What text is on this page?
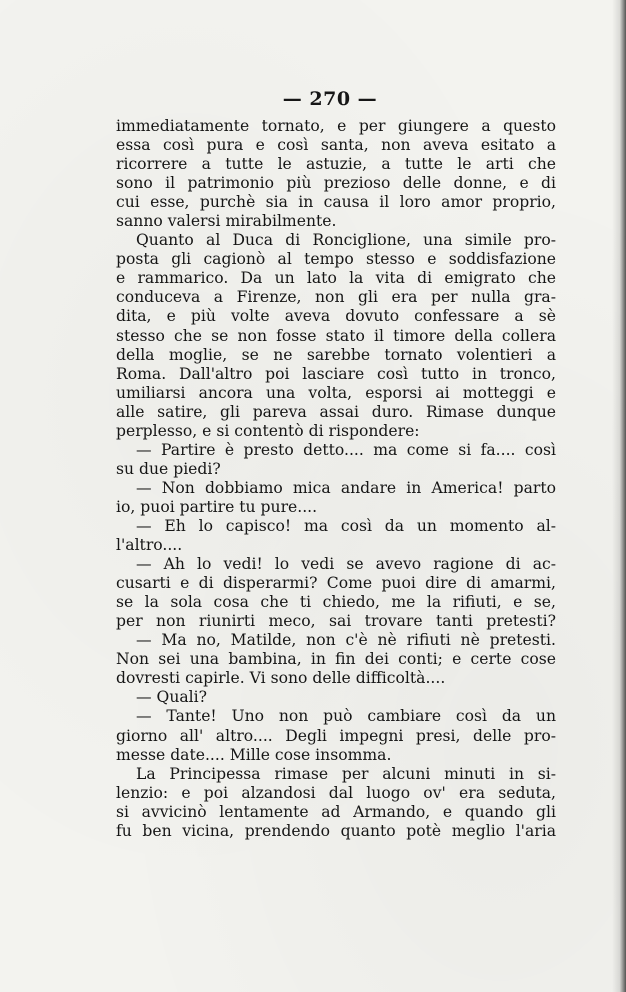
— 270 —
immediatamente tornato, e per giungere a questo
essa così pura e così santa, non aveva esitato a
ricorrere a tutte le astuzie, a tutte le arti che
sono il patrimonio più prezioso delle donne, e di
cui esse, purchè sia in causa il loro amor proprio,
sanno valersi mirabilmente.
Quanto al Duca di Ronciglione, una simile pro-
posta gli cagionò al tempo stesso e soddisfazione
e rammarico. Da un lato la vita di emigrato che
conduceva a Firenze, non gli era per nulla gra-
dita, e più volte aveva dovuto confessare a sè
stesso che se non fosse stato il timore della collera
della moglie, se ne sarebbe tornato volentieri a
Roma. Dall'altro poi lasciare così tutto in tronco,
umiliarsi ancora una volta, esporsi ai motteggi e
alle satire, gli pareva assai duro. Rimase dunque
perplesso, e si contentò di rispondere:
— Partire è presto detto.... ma come si fa.... così
su due piedi?
— Non dobbiamo mica andare in America! parto
io, puoi partire tu pure....
— Eh lo capisco! ma così da un momento al-
l'altro....
— Ah lo vedi! lo vedi se avevo ragione di ac-
cusarti e di disperarmi? Come puoi dire di amarmi,
se la sola cosa che ti chiedo, me la rifiuti, e se,
per non riunirti meco, sai trovare tanti pretesti?
— Ma no, Matilde, non c'è nè rifiuti nè pretesti.
Non sei una bambina, in fin dei conti; e certe cose
dovresti capirle. Vi sono delle difficoltà....
— Quali?
— Tante! Uno non può cambiare così da un
giorno all' altro.... Degli impegni presi, delle pro-
messe date.... Mille cose insomma.
La Principessa rimase per alcuni minuti in si-
lenzio: e poi alzandosi dal luogo ov' era seduta,
si avvicinò lentamente ad Armando, e quando gli
fu ben vicina, prendendo quanto potè meglio l'aria
